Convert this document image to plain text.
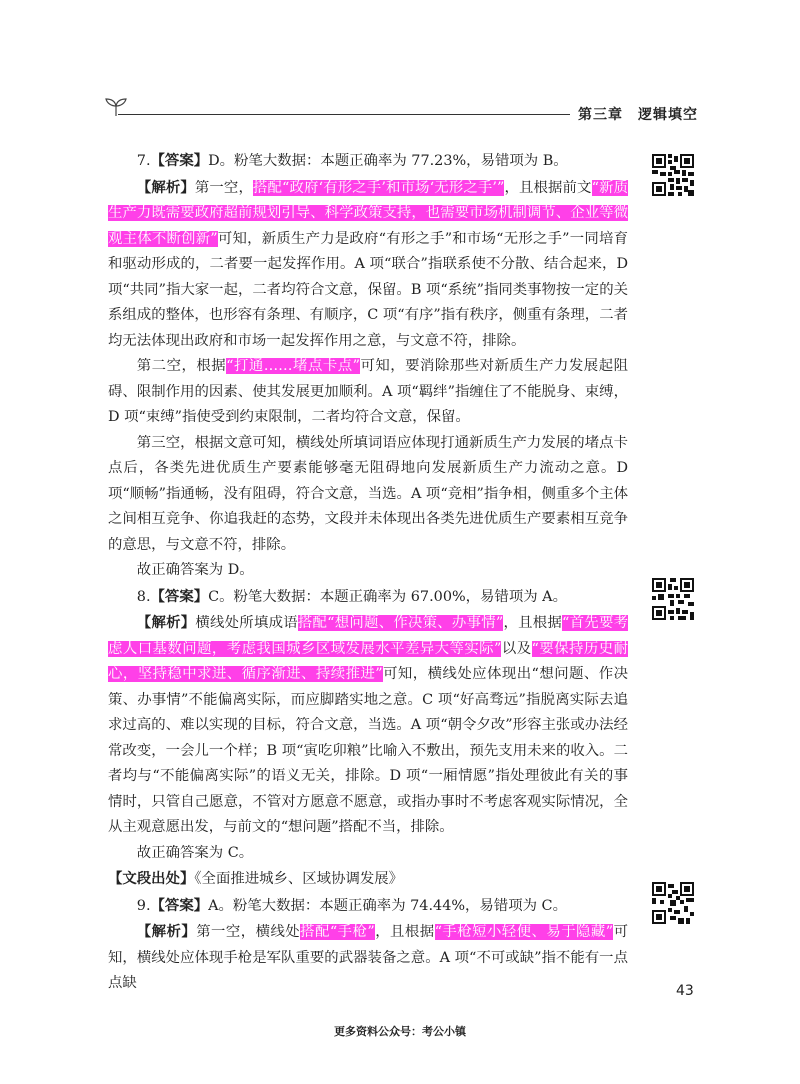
第三章　逻辑填空

7.【答案】D。粉笔大数据：本题正确率为 77.23%，易错项为 B。

【解析】第一空，搭配“政府‘有形之手’和市场‘无形之手’”，且根据前文“新质生产力既需要政府超前规划引导、科学政策支持，也需要市场机制调节、企业等微观主体不断创新”可知，新质生产力是政府“有形之手”和市场“无形之手”一同培育和驱动形成的，二者要一起发挥作用。A 项“联合”指联系使不分散、结合起来，D 项“共同”指大家一起，二者均符合文意，保留。B 项“系统”指同类事物按一定的关系组成的整体，也形容有条理、有顺序，C 项“有序”指有秩序，侧重有条理，二者均无法体现出政府和市场一起发挥作用之意，与文意不符，排除。

第二空，根据“打通……堵点卡点”可知，要消除那些对新质生产力发展起阻碍、限制作用的因素、使其发展更加顺利。A 项“羁绊”指缠住了不能脱身、束缚，D 项“束缚”指使受到约束限制，二者均符合文意，保留。

第三空，根据文意可知，横线处所填词语应体现打通新质生产力发展的堵点卡点后，各类先进优质生产要素能够毫无阻碍地向发展新质生产力流动之意。D 项“顺畅”指通畅，没有阻碍，符合文意，当选。A 项“竞相”指争相，侧重多个主体之间相互竞争、你追我赶的态势，文段并未体现出各类先进优质生产要素相互竞争的意思，与文意不符，排除。

故正确答案为 D。

8.【答案】C。粉笔大数据：本题正确率为 67.00%，易错项为 A。

【解析】横线处所填成语搭配“想问题、作决策、办事情”，且根据“首先要考虑人口基数问题，考虑我国城乡区域发展水平差异大等实际”以及“要保持历史耐心，坚持稳中求进、循序渐进、持续推进”可知，横线处应体现出“想问题、作决策、办事情”不能偏离实际，而应脚踏实地之意。C 项“好高骛远”指脱离实际去追求过高的、难以实现的目标，符合文意，当选。A 项“朝令夕改”形容主张或办法经常改变，一会儿一个样；B 项“寅吃卯粮”比喻入不敷出，预先支用未来的收入。二者均与“不能偏离实际”的语义无关，排除。D 项“一厢情愿”指处理彼此有关的事情时，只管自己愿意，不管对方愿意不愿意，或指办事时不考虑客观实际情况，全从主观意愿出发，与前文的“想问题”搭配不当，排除。

故正确答案为 C。

【文段出处】《全面推进城乡、区域协调发展》

9.【答案】A。粉笔大数据：本题正确率为 74.44%，易错项为 C。

【解析】第一空，横线处搭配“手枪”，且根据“手枪短小轻便、易于隐藏”可知，横线处应体现手枪是军队重要的武器装备之意。A 项“不可或缺”指不能有一点点缺	43
更多资料公众号：考公小镇
